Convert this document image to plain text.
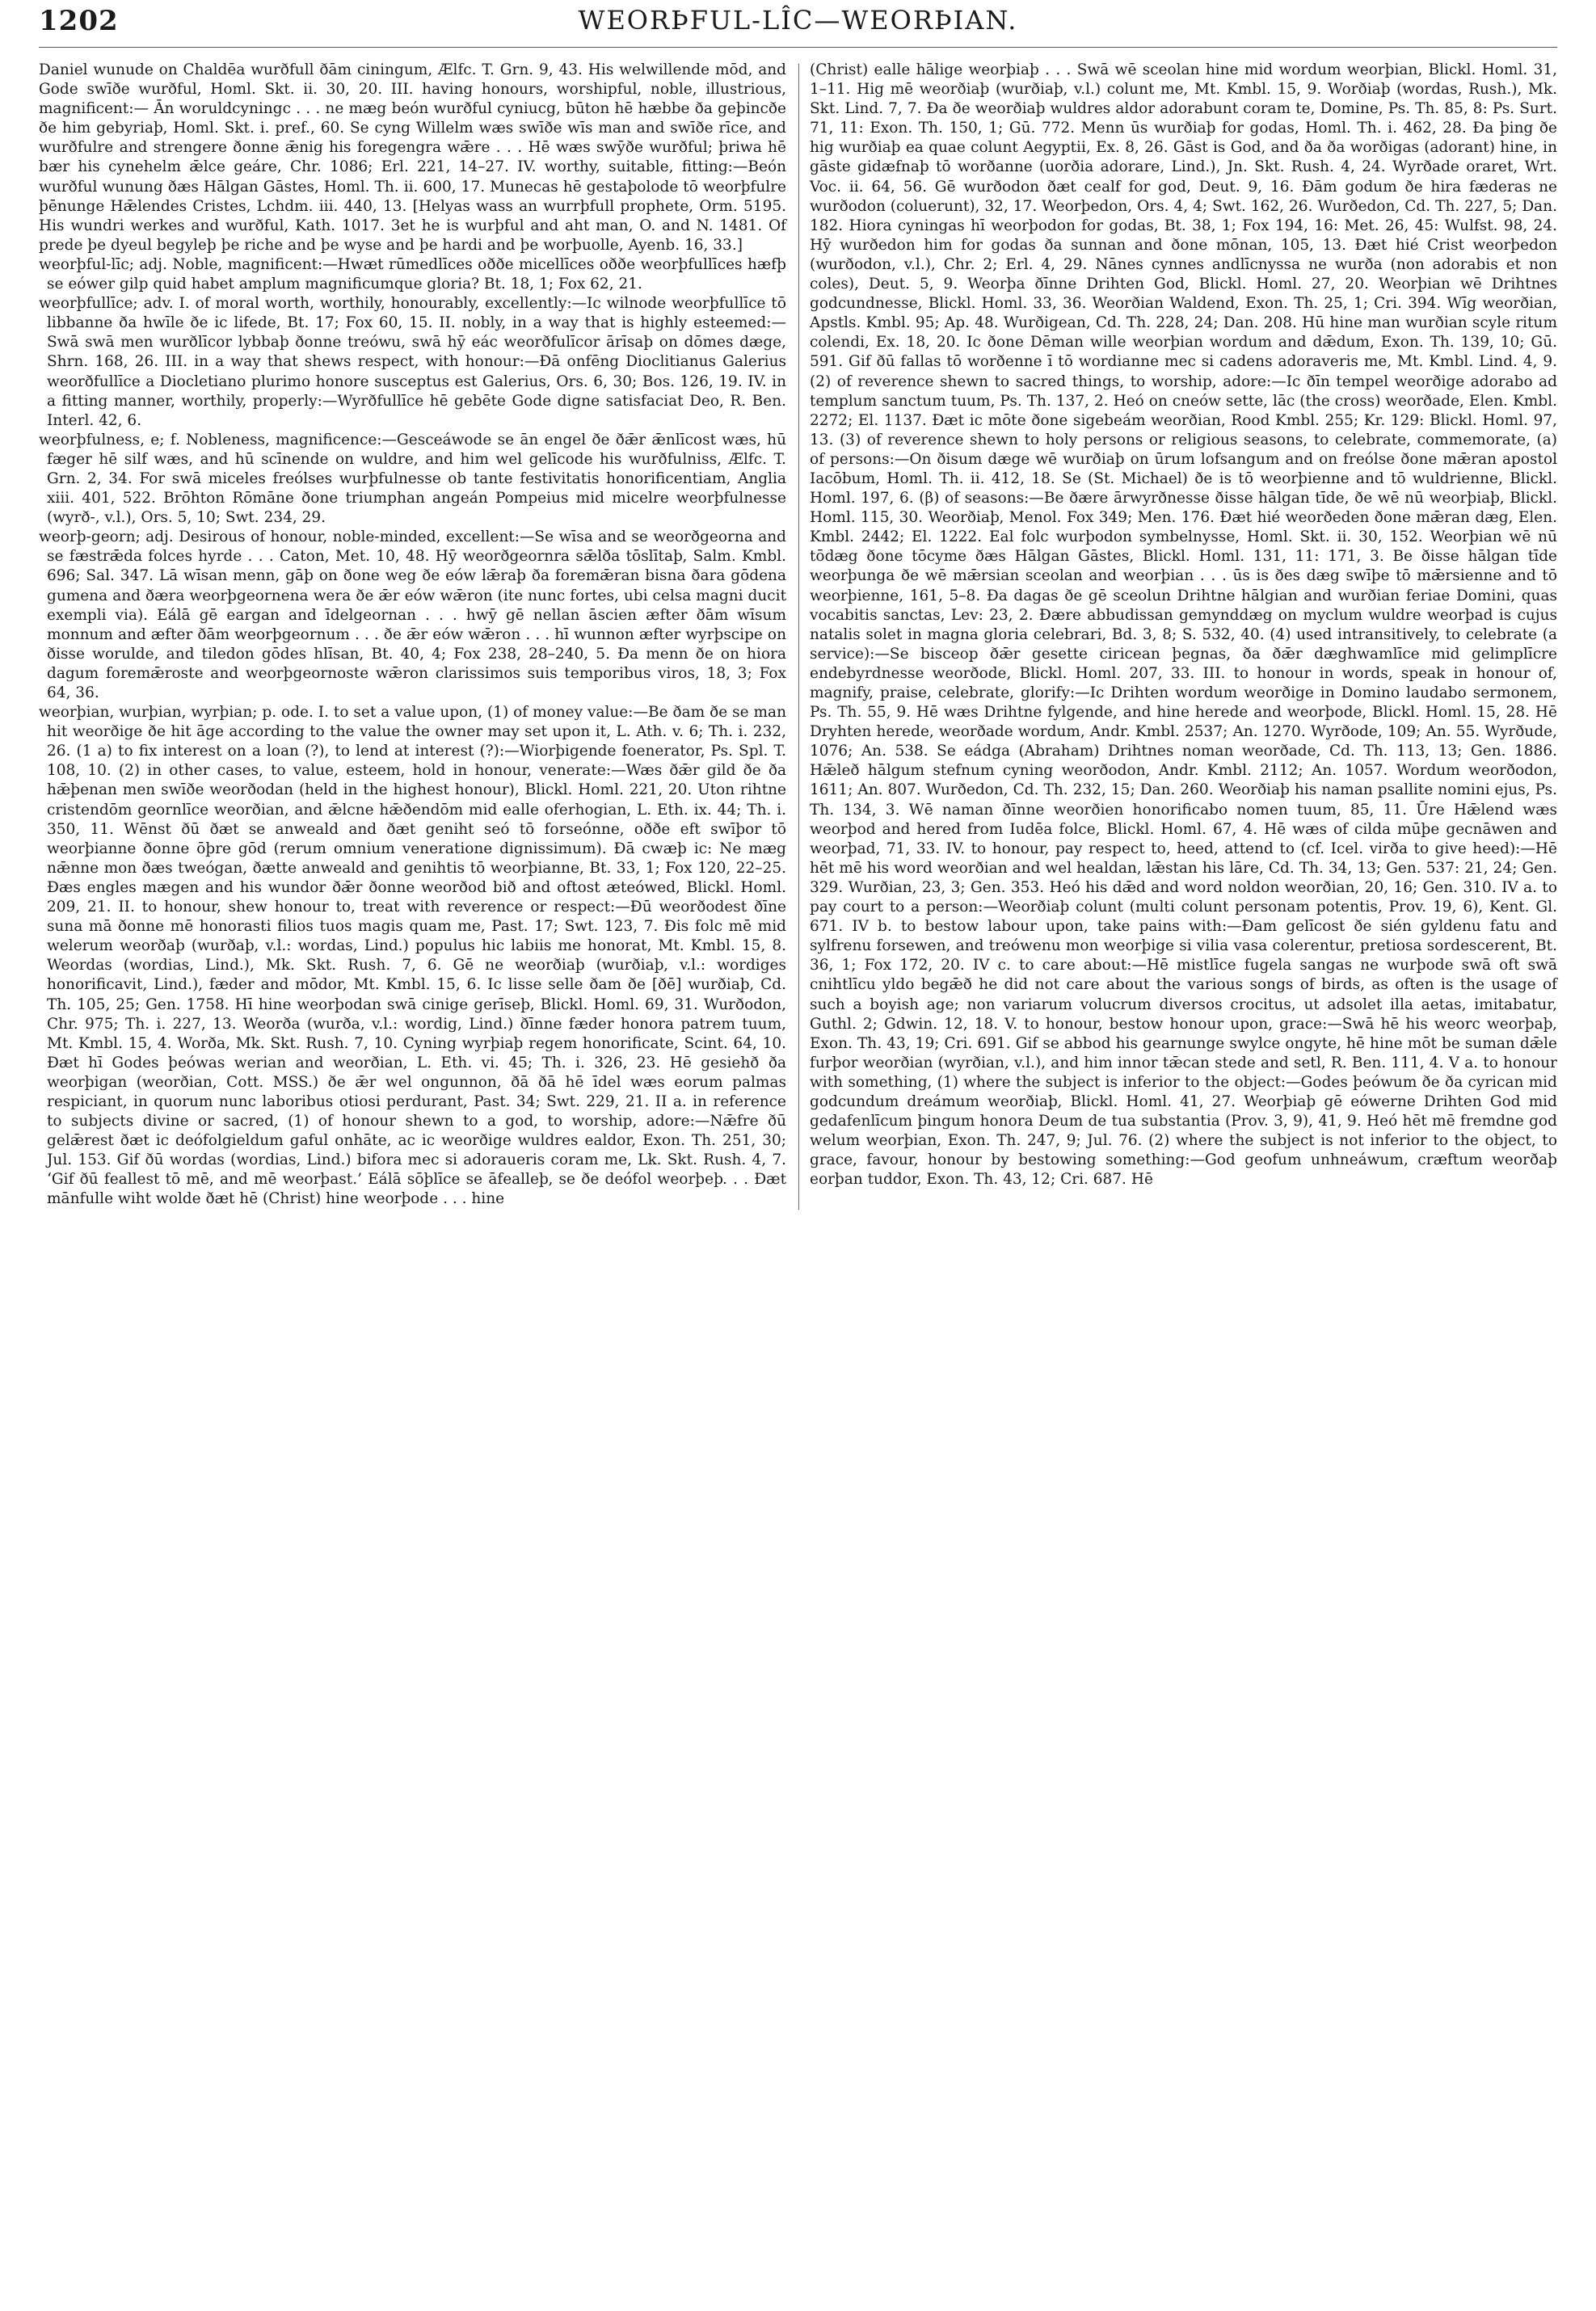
1202	WEORÞFUL-LÎC—WEORÞIAN.

Daniel wunude on Chaldēa wurðfull ðām ciningum, Ælfc. T. Grn. 9, 43. His welwillende mōd, and Gode swīðe wurðful, Homl. Skt. ii. 30, 20. III. having honours, worshipful, noble, illustrious, magnificent:— Ān woruldcyningc . . . ne mæg beón wurðful cyniucg, būton hē hæbbe ða geþincðe ðe him gebyriaþ, Homl. Skt. i. pref., 60. Se cyng Willelm wæs swīðe wīs man and swīðe rīce, and wurðfulre and strengere ðonne ǣnig his foregengra wǣre . . . Hē wæs swȳðe wurðful; þriwa hē bær his cynehelm ǣlce geáre, Chr. 1086; Erl. 221, 14–27. IV. worthy, suitable, fitting:—Beón wurðful wunung ðæs Hālgan Gāstes, Homl. Th. ii. 600, 17. Munecas hē gestaþolode tō weorþfulre þēnunge Hǣlendes Cristes, Lchdm. iii. 440, 13. [Helyas wass an wurrþfull prophete, Orm. 5195. His wundri werkes and wurðful, Kath. 1017. 3et he is wurþful and aht man, O. and N. 1481. Of prede þe dyeul begyleþ þe riche and þe wyse and þe hardi and þe worþuolle, Ayenb. 16, 33.]

weorþful-līc; adj. Noble, magnificent:—Hwæt rūmedlīces oððe micellīces oððe weorþfullīces hæfþ se eówer gilp quid habet amplum magnificumque gloria? Bt. 18, 1; Fox 62, 21.

weorþfullīce; adv. I. of moral worth, worthily, honourably, excellently:—Ic wilnode weorþfullīce tō libbanne ða hwīle ðe ic lifede, Bt. 17; Fox 60, 15. II. nobly, in a way that is highly esteemed:— Swā swā men wurðlīcor lybbaþ ðonne treówu, swā hȳ eác weorðfulīcor ārīsaþ on dōmes dæge, Shrn. 168, 26. III. in a way that shews respect, with honour:—Ðā onfēng Dioclitianus Galerius weorðfullīce a Diocletiano plurimo honore susceptus est Galerius, Ors. 6, 30; Bos. 126, 19. IV. in a fitting manner, worthily, properly:—Wyrðfullīce hē gebēte Gode digne satisfaciat Deo, R. Ben. Interl. 42, 6.

weorþfulness, e; f. Nobleness, magnificence:—Gesceáwode se ān engel ðe ðǣr ǣnlīcost wæs, hū fæger hē silf wæs, and hū scīnende on wuldre, and him wel gelīcode his wurðfulniss, Ælfc. T. Grn. 2, 34. For swā miceles freólses wurþfulnesse ob tante festivitatis honorificentiam, Anglia xiii. 401, 522. Brōhton Rōmāne ðone triumphan angeán Pompeius mid micelre weorþfulnesse (wyrð-, v.l.), Ors. 5, 10; Swt. 234, 29.

weorþ-georn; adj. Desirous of honour, noble-minded, excellent:—Se wīsa and se weorðgeorna and se fæstrǣda folces hyrde . . . Caton, Met. 10, 48. Hȳ weorðgeornra sǣlða tōslītaþ, Salm. Kmbl. 696; Sal. 347. Lā wīsan menn, gāþ on ðone weg ðe eów lǣraþ ða foremǣran bisna ðara gōdena gumena and ðæra weorþgeornena wera ðe ǣr eów wǣron (ite nunc fortes, ubi celsa magni ducit exempli via). Eálā gē eargan and īdelgeornan . . . hwȳ gē nellan āscien æfter ðām wīsum monnum and æfter ðām weorþgeornum . . . ðe ǣr eów wǣron . . . hī wunnon æfter wyrþscipe on ðisse worulde, and tiledon gōdes hlīsan, Bt. 40, 4; Fox 238, 28–240, 5. Ða menn ðe on hiora dagum foremǣroste and weorþgeornoste wǣron clarissimos suis temporibus viros, 18, 3; Fox 64, 36.

weorþian, wurþian, wyrþian; p. ode. I. to set a value upon, (1) of money value:—Be ðam ðe se man hit weorðige ðe hit āge according to the value the owner may set upon it, L. Ath. v. 6; Th. i. 232, 26. (1 a) to fix interest on a loan (?), to lend at interest (?):—Wiorþigende foenerator, Ps. Spl. T. 108, 10. (2) in other cases, to value, esteem, hold in honour, venerate:—Wæs ðǣr gild ðe ða hǣþenan men swīðe weorðodan (held in the highest honour), Blickl. Homl. 221, 20. Uton rihtne cristendōm geornlīce weorðian, and ǣlcne hǣðendōm mid ealle oferhogian, L. Eth. ix. 44; Th. i. 350, 11. Wēnst ðū ðæt se anweald and ðæt geniht seó tō forseónne, oððe eft swīþor tō weorþianne ðonne ōþre gōd (rerum omnium veneratione dignissimum). Ðā cwæþ ic: Ne mæg nǣnne mon ðæs tweógan, ðætte anweald and genihtis tō weorþianne, Bt. 33, 1; Fox 120, 22–25. Ðæs engles mægen and his wundor ðǣr ðonne weorðod bið and oftost æteówed, Blickl. Homl. 209, 21. II. to honour, shew honour to, treat with reverence or respect:—Ðū weorðodest ðīne suna mā ðonne mē honorasti filios tuos magis quam me, Past. 17; Swt. 123, 7. Ðis folc mē mid welerum weorðaþ (wurðaþ, v.l.: wordas, Lind.) populus hic labiis me honorat, Mt. Kmbl. 15, 8. Weordas (wordias, Lind.), Mk. Skt. Rush. 7, 6. Gē ne weorðiaþ (wurðiaþ, v.l.: wordiges honorificavit, Lind.), fæder and mōdor, Mt. Kmbl. 15, 6. Ic lisse selle ðam ðe [ðē] wurðiaþ, Cd. Th. 105, 25; Gen. 1758. Hī hine weorþodan swā cinige gerīseþ, Blickl. Homl. 69, 31. Wurðodon, Chr. 975; Th. i. 227, 13. Weorða (wurða, v.l.: wordig, Lind.) ðīnne fæder honora patrem tuum, Mt. Kmbl. 15, 4. Worða, Mk. Skt. Rush. 7, 10. Cyning wyrþiaþ regem honorificate, Scint. 64, 10. Ðæt hī Godes þeówas werian and weorðian, L. Eth. vi. 45; Th. i. 326, 23. Hē gesiehð ða weorþigan (weorðian, Cott. MSS.) ðe ǣr wel ongunnon, ðā ðā hē īdel wæs eorum palmas respiciant, in quorum nunc laboribus otiosi perdurant, Past. 34; Swt. 229, 21. II a. in reference to subjects divine or sacred, (1) of honour shewn to a god, to worship, adore:—Nǣfre ðū gelǣrest ðæt ic deófolgieldum gaful onhāte, ac ic weorðige wuldres ealdor, Exon. Th. 251, 30; Jul. 153. Gif ðū wordas (wordias, Lind.) bifora mec si adoraueris coram me, Lk. Skt. Rush. 4, 7. ‘Gif ðū feallest tō mē, and mē weorþast.’ Eálā sōþlīce se āfealleþ, se ðe deófol weorþeþ. . . Ðæt mānfulle wiht wolde ðæt hē (Christ) hine weorþode . . . hine

(Christ) ealle hālige weorþiaþ . . . Swā wē sceolan hine mid wordum weorþian, Blickl. Homl. 31, 1–11. Hig mē weorðiaþ (wurðiaþ, v.l.) colunt me, Mt. Kmbl. 15, 9. Worðiaþ (wordas, Rush.), Mk. Skt. Lind. 7, 7. Ða ðe weorðiaþ wuldres aldor adorabunt coram te, Domine, Ps. Th. 85, 8: Ps. Surt. 71, 11: Exon. Th. 150, 1; Gū. 772. Menn ūs wurðiaþ for godas, Homl. Th. i. 462, 28. Ða þing ðe hig wurðiaþ ea quae colunt Aegyptii, Ex. 8, 26. Gāst is God, and ða ða worðigas (adorant) hine, in gāste gidæfnaþ tō worðanne (uorðia adorare, Lind.), Jn. Skt. Rush. 4, 24. Wyrðade oraret, Wrt. Voc. ii. 64, 56. Gē wurðodon ðæt cealf for god, Deut. 9, 16. Ðām godum ðe hira fæderas ne wurðodon (coluerunt), 32, 17. Weorþedon, Ors. 4, 4; Swt. 162, 26. Wurðedon, Cd. Th. 227, 5; Dan. 182. Hiora cyningas hī weorþodon for godas, Bt. 38, 1; Fox 194, 16: Met. 26, 45: Wulfst. 98, 24. Hȳ wurðedon him for godas ða sunnan and ðone mōnan, 105, 13. Ðæt hié Crist weorþedon (wurðodon, v.l.), Chr. 2; Erl. 4, 29. Nānes cynnes andlīcnyssa ne wurða (non adorabis et non coles), Deut. 5, 9. Weorþa ðīnne Drihten God, Blickl. Homl. 27, 20. Weorþian wē Drihtnes godcundnesse, Blickl. Homl. 33, 36. Weorðian Waldend, Exon. Th. 25, 1; Cri. 394. Wīg weorðian, Apstls. Kmbl. 95; Ap. 48. Wurðigean, Cd. Th. 228, 24; Dan. 208. Hū hine man wurðian scyle ritum colendi, Ex. 18, 20. Ic ðone Dēman wille weorþian wordum and dǣdum, Exon. Th. 139, 10; Gū. 591. Gif ðū fallas tō worðenne ī tō wordianne mec si cadens adoraveris me, Mt. Kmbl. Lind. 4, 9. (2) of reverence shewn to sacred things, to worship, adore:—Ic ðīn tempel weorðige adorabo ad templum sanctum tuum, Ps. Th. 137, 2. Heó on cneów sette, lāc (the cross) weorðade, Elen. Kmbl. 2272; El. 1137. Ðæt ic mōte ðone sigebeám weorðian, Rood Kmbl. 255; Kr. 129: Blickl. Homl. 97, 13. (3) of reverence shewn to holy persons or religious seasons, to celebrate, commemorate, (a) of persons:—On ðisum dæge wē wurðiaþ on ūrum lofsangum and on freólse ðone mǣran apostol Iacōbum, Homl. Th. ii. 412, 18. Se (St. Michael) ðe is tō weorþienne and tō wuldrienne, Blickl. Homl. 197, 6. (β) of seasons:—Be ðære ārwyrðnesse ðisse hālgan tīde, ðe wē nū weorþiaþ, Blickl. Homl. 115, 30. Weorðiaþ, Menol. Fox 349; Men. 176. Ðæt hié weorðeden ðone mǣran dæg, Elen. Kmbl. 2442; El. 1222. Eal folc wurþodon symbelnysse, Homl. Skt. ii. 30, 152. Weorþian wē nū tōdæg ðone tōcyme ðæs Hālgan Gāstes, Blickl. Homl. 131, 11: 171, 3. Be ðisse hālgan tīde weorþunga ðe wē mǣrsian sceolan and weorþian . . . ūs is ðes dæg swīþe tō mǣrsienne and tō weorþienne, 161, 5–8. Ða dagas ðe gē sceolun Drihtne hālgian and wurðian feriae Domini, quas vocabitis sanctas, Lev: 23, 2. Ðære abbudissan gemynddæg on myclum wuldre weorþad is cujus natalis solet in magna gloria celebrari, Bd. 3, 8; S. 532, 40. (4) used intransitively, to celebrate (a service):—Se bisceop ðǣr gesette ciricean þegnas, ða ðǣr dæghwamlīce mid gelimplīcre endebyrdnesse weorðode, Blickl. Homl. 207, 33. III. to honour in words, speak in honour of, magnify, praise, celebrate, glorify:—Ic Drihten wordum weorðige in Domino laudabo sermonem, Ps. Th. 55, 9. Hē wæs Drihtne fylgende, and hine herede and weorþode, Blickl. Homl. 15, 28. Hē Dryhten herede, weorðade wordum, Andr. Kmbl. 2537; An. 1270. Wyrðode, 109; An. 55. Wyrðude, 1076; An. 538. Se eádga (Abraham) Drihtnes noman weorðade, Cd. Th. 113, 13; Gen. 1886. Hǣleð hālgum stefnum cyning weorðodon, Andr. Kmbl. 2112; An. 1057. Wordum weorðodon, 1611; An. 807. Wurðedon, Cd. Th. 232, 15; Dan. 260. Weorðiaþ his naman psallite nomini ejus, Ps. Th. 134, 3. Wē naman ðīnne weorðien honorificabo nomen tuum, 85, 11. Ūre Hǣlend wæs weorþod and hered from Iudēa folce, Blickl. Homl. 67, 4. Hē wæs of cilda mūþe gecnāwen and weorþad, 71, 33. IV. to honour, pay respect to, heed, attend to (cf. Icel. virða to give heed):—Hē hēt mē his word weorðian and wel healdan, lǣstan his lāre, Cd. Th. 34, 13; Gen. 537: 21, 24; Gen. 329. Wurðian, 23, 3; Gen. 353. Heó his dǣd and word noldon weorðian, 20, 16; Gen. 310. IV a. to pay court to a person:—Weorðiaþ colunt (multi colunt personam potentis, Prov. 19, 6), Kent. Gl. 671. IV b. to bestow labour upon, take pains with:—Ðam gelīcost ðe sién gyldenu fatu and sylfrenu forsewen, and treówenu mon weorþige si vilia vasa colerentur, pretiosa sordescerent, Bt. 36, 1; Fox 172, 20. IV c. to care about:—Hē mistlīce fugela sangas ne wurþode swā oft swā cnihtlīcu yldo begǣð he did not care about the various songs of birds, as often is the usage of such a boyish age; non variarum volucrum diversos crocitus, ut adsolet illa aetas, imitabatur, Guthl. 2; Gdwin. 12, 18. V. to honour, bestow honour upon, grace:—Swā hē his weorc weorþaþ, Exon. Th. 43, 19; Cri. 691. Gif se abbod his gearnunge swylce ongyte, hē hine mōt be suman dǣle furþor weorðian (wyrðian, v.l.), and him innor tǣcan stede and setl, R. Ben. 111, 4. V a. to honour with something, (1) where the subject is inferior to the object:—Godes þeówum ðe ða cyrican mid godcundum dreámum weorðiaþ, Blickl. Homl. 41, 27. Weorþiaþ gē eówerne Drihten God mid gedafenlīcum þingum honora Deum de tua substantia (Prov. 3, 9), 41, 9. Heó hēt mē fremdne god welum weorþian, Exon. Th. 247, 9; Jul. 76. (2) where the subject is not inferior to the object, to grace, favour, honour by bestowing something:—God geofum unhneáwum, cræftum weorðaþ eorþan tuddor, Exon. Th. 43, 12; Cri. 687. Hē
